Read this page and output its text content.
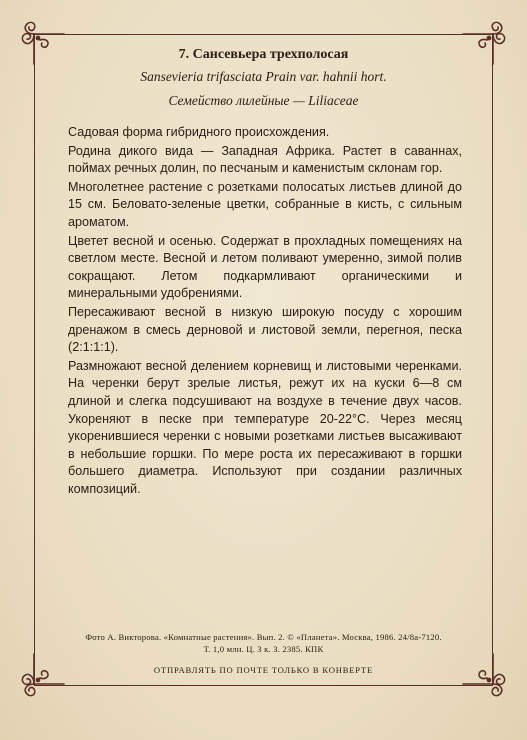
7. Сансевьера трехполосая

Sansevieria trifasciata Prain var. hahnii hort.

Семейство лилейные — Liliaceae

Садовая форма гибридного происхождения.

Родина дикого вида — Западная Африка. Растет в саваннах, поймах речных долин, по песчаным и каменистым склонам гор.

Многолетнее растение с розетками полосатых листьев длиной до 15 см. Беловато-зеленые цветки, собранные в кисть, с сильным ароматом.

Цветет весной и осенью. Содержат в прохладных помещениях на светлом месте. Весной и летом поливают умеренно, зимой полив сокращают. Летом подкармливают органическими и минеральными удобрениями.

Пересаживают весной в низкую широкую посуду с хорошим дренажом в смесь дерновой и листовой земли, перегноя, песка (2:1:1:1).

Размножают весной делением корневищ и листовыми черенками. На черенки берут зрелые листья, режут их на куски 6—8 см длиной и слегка подсушивают на воздухе в течение двух часов. Укореняют в песке при температуре 20-22°С. Через месяц укоренившиеся черенки с новыми розетками листьев высаживают в небольшие горшки. По мере роста их пересаживают в горшки большего диаметра. Используют при создании различных композиций.

Фото А. Викторова. «Комнатные растения». Вып. 2. © «Планета». Москва, 1986. 24/8а-7120.
Т. 1,0 млн. Ц. 3 к. З. 2385. КПК
ОТПРАВЛЯТЬ ПО ПОЧТЕ ТОЛЬКО В КОНВЕРТЕ
